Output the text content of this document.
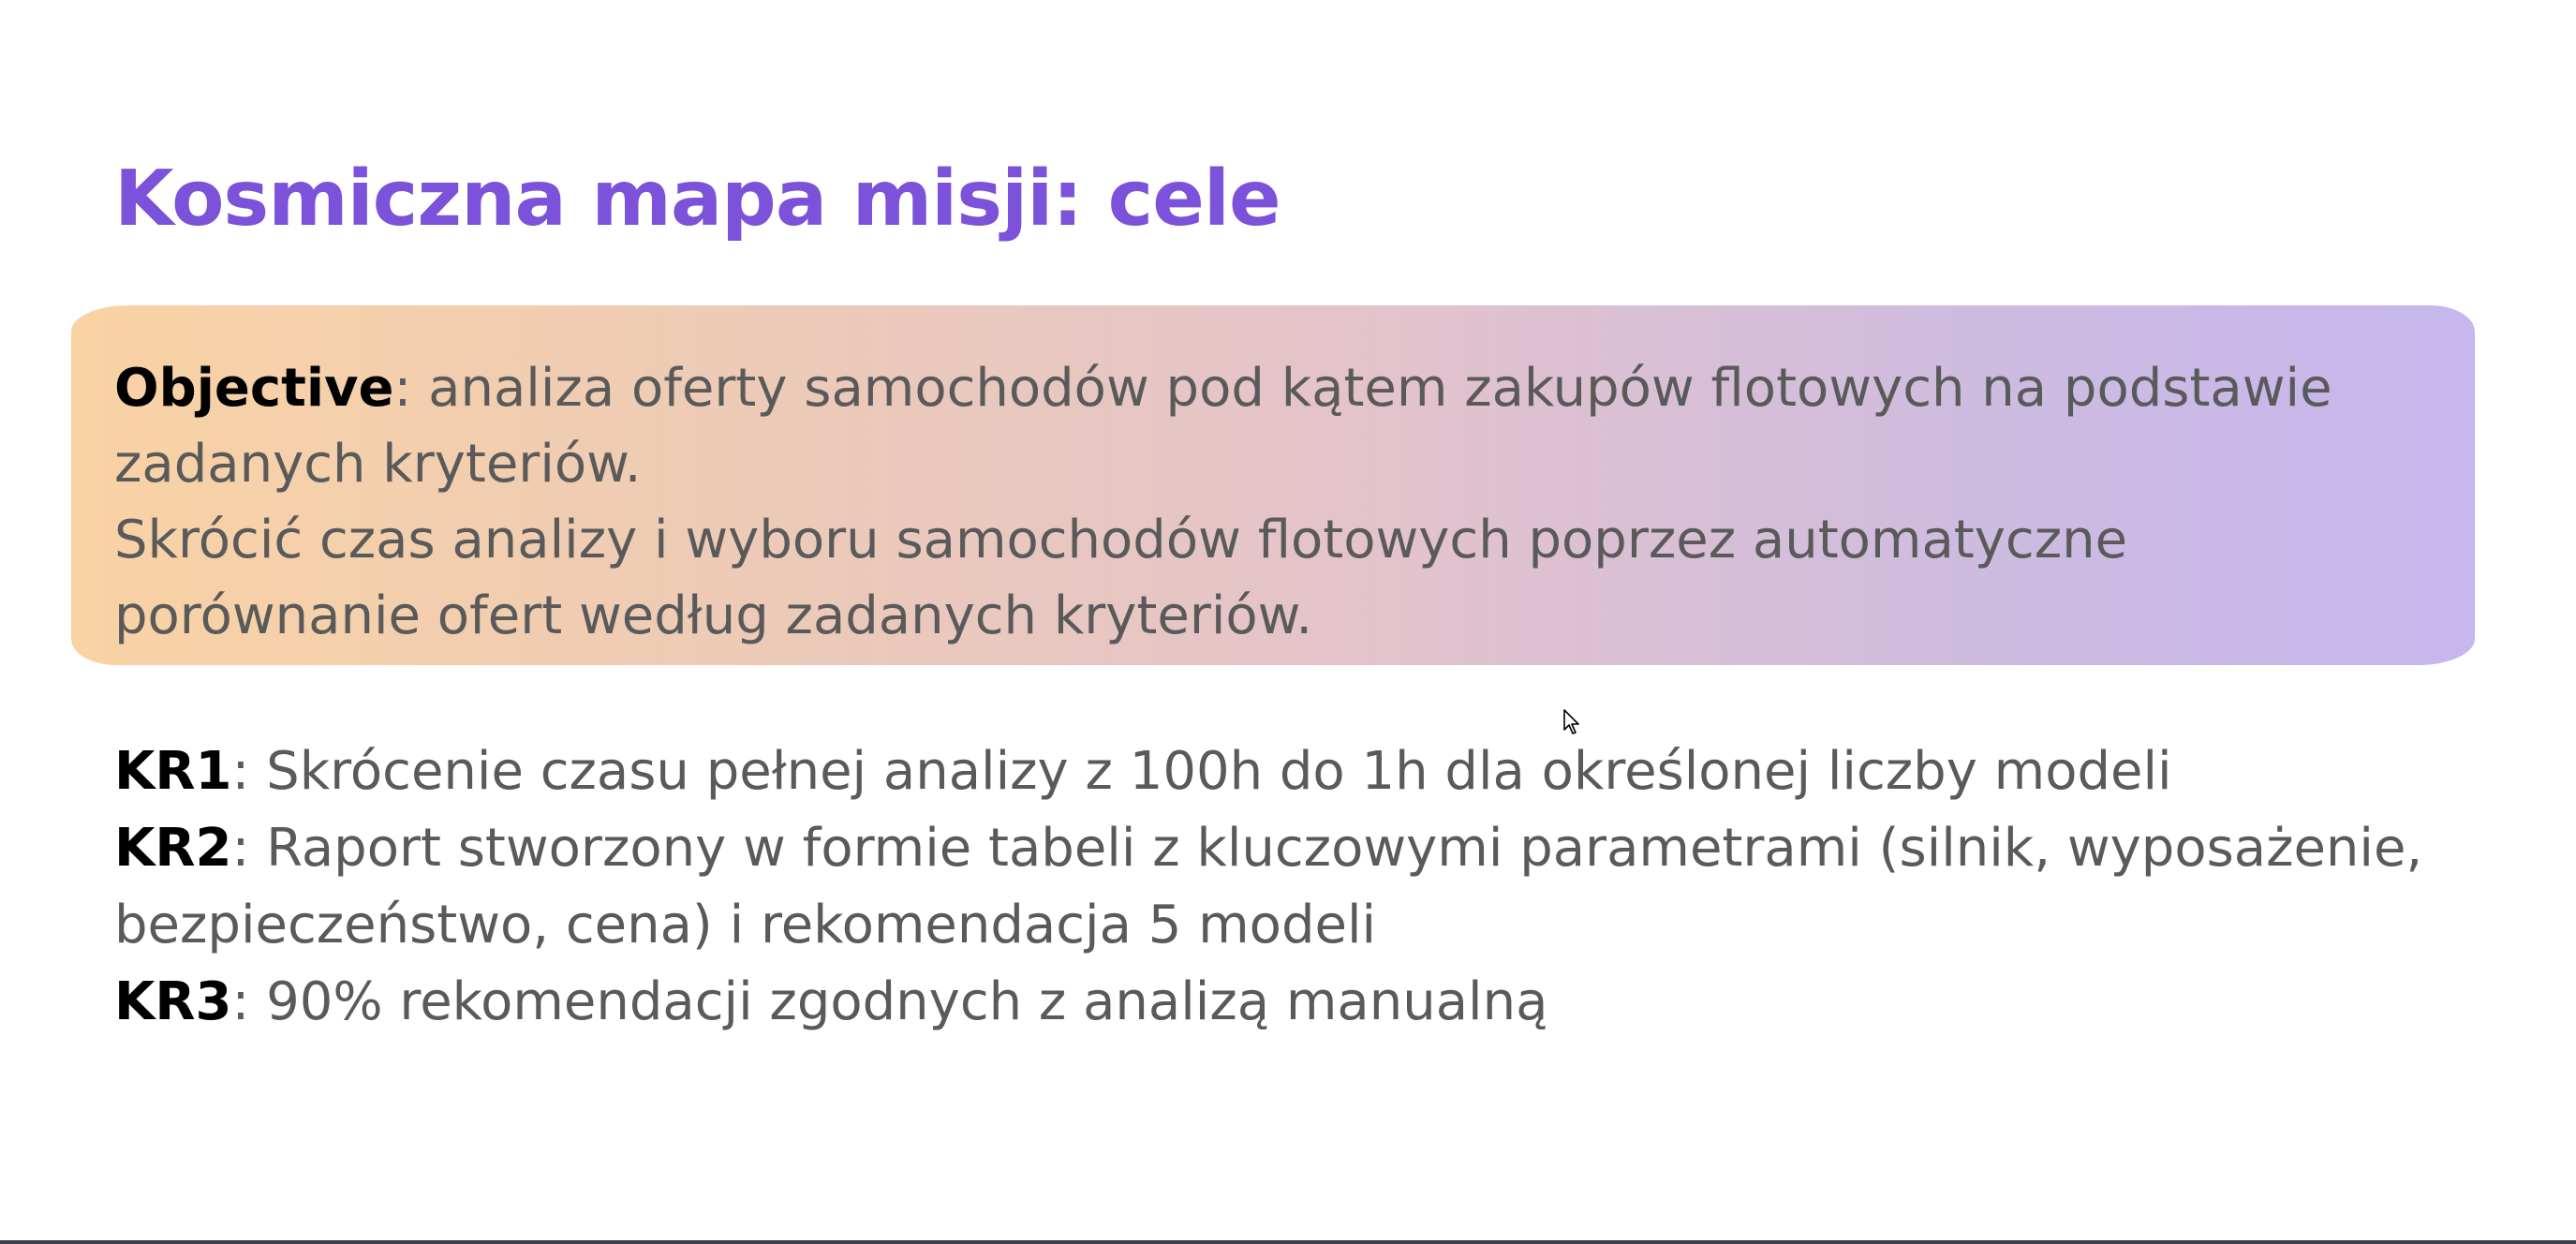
Kosmiczna mapa misji: cele

Objective: analiza oferty samochodów pod kątem zakupów flotowych na podstawie zadanych kryteriów.
Skrócić czas analizy i wyboru samochodów flotowych poprzez automatyczne porównanie ofert według zadanych kryteriów.

KR1: Skrócenie czasu pełnej analizy z 100h do 1h dla określonej liczby modeli
KR2: Raport stworzony w formie tabeli z kluczowymi parametrami (silnik, wyposażenie, bezpieczeństwo, cena) i rekomendacja 5 modeli
KR3: 90% rekomendacji zgodnych z analizą manualną
